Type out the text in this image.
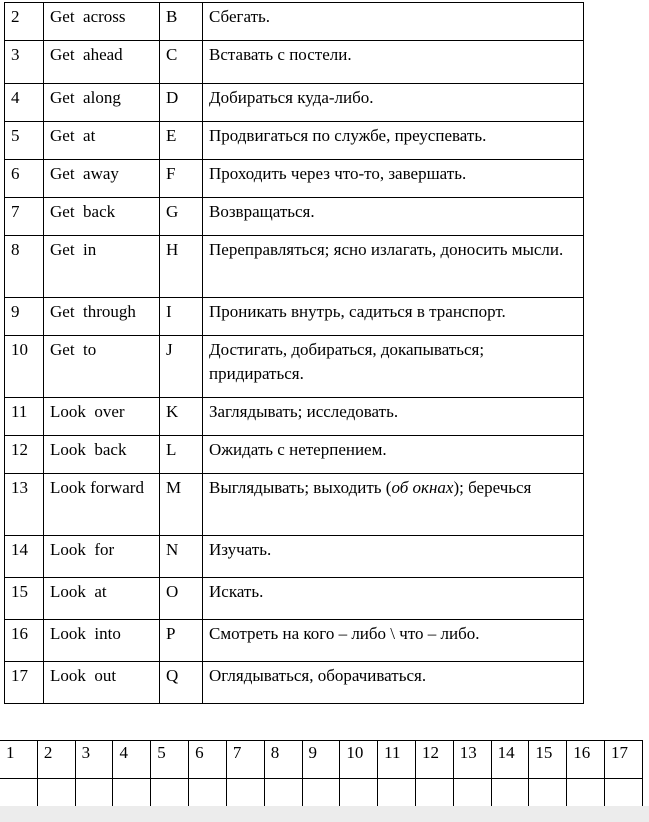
2	Get  across	B	Сбегать.
3	Get  ahead	C	Вставать с постели.
4	Get  along	D	Добираться куда-либо.
5	Get  at	E	Продвигаться по службе, преуспевать.
6	Get  away	F	Проходить через что-то, завершать.
7	Get  back	G	Возвращаться.
8	Get  in	H	Переправляться; ясно излагать, доносить мысли.
9	Get  through	I	Проникать внутрь, садиться в транспорт.
10	Get  to	J	Достигать, добираться, докапываться; придираться.
11	Look  over	K	Заглядывать; исследовать.
12	Look  back	L	Ожидать с нетерпением.
13	Look forward	M	Выглядывать; выходить (об окнах); беречься
14	Look  for	N	Изучать.
15	Look  at	O	Искать.
16	Look  into	P	Смотреть на кого – либо \ что – либо.
17	Look  out	Q	Оглядываться, оборачиваться.
1	2	3	4	5	6	7	8	9	10	11	12	13	14	15	16	17
